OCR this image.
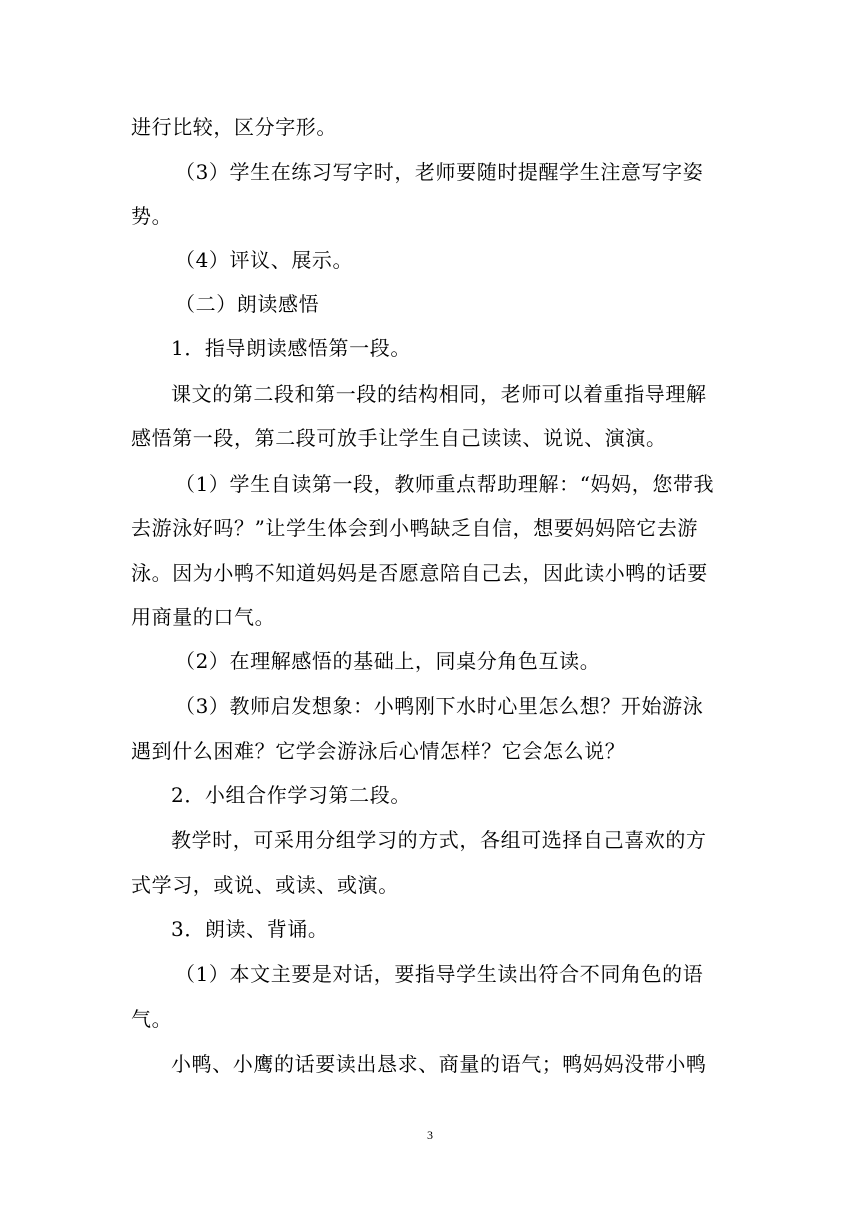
进行比较，区分字形。
（3）学生在练习写字时，老师要随时提醒学生注意写字姿
势。
（4）评议、展示。
（二）朗读感悟
1．指导朗读感悟第一段。
课文的第二段和第一段的结构相同，老师可以着重指导理解
感悟第一段，第二段可放手让学生自己读读、说说、演演。
（1）学生自读第一段，教师重点帮助理解：“妈妈，您带我
去游泳好吗？”让学生体会到小鸭缺乏自信，想要妈妈陪它去游
泳。因为小鸭不知道妈妈是否愿意陪自己去，因此读小鸭的话要
用商量的口气。
（2）在理解感悟的基础上，同桌分角色互读。
（3）教师启发想象：小鸭刚下水时心里怎么想？开始游泳
遇到什么困难？它学会游泳后心情怎样？它会怎么说？
2．小组合作学习第二段。
教学时，可采用分组学习的方式，各组可选择自己喜欢的方
式学习，或说、或读、或演。
3．朗读、背诵。
（1）本文主要是对话，要指导学生读出符合不同角色的语
气。
小鸭、小鹰的话要读出恳求、商量的语气；鸭妈妈没带小鸭
3
